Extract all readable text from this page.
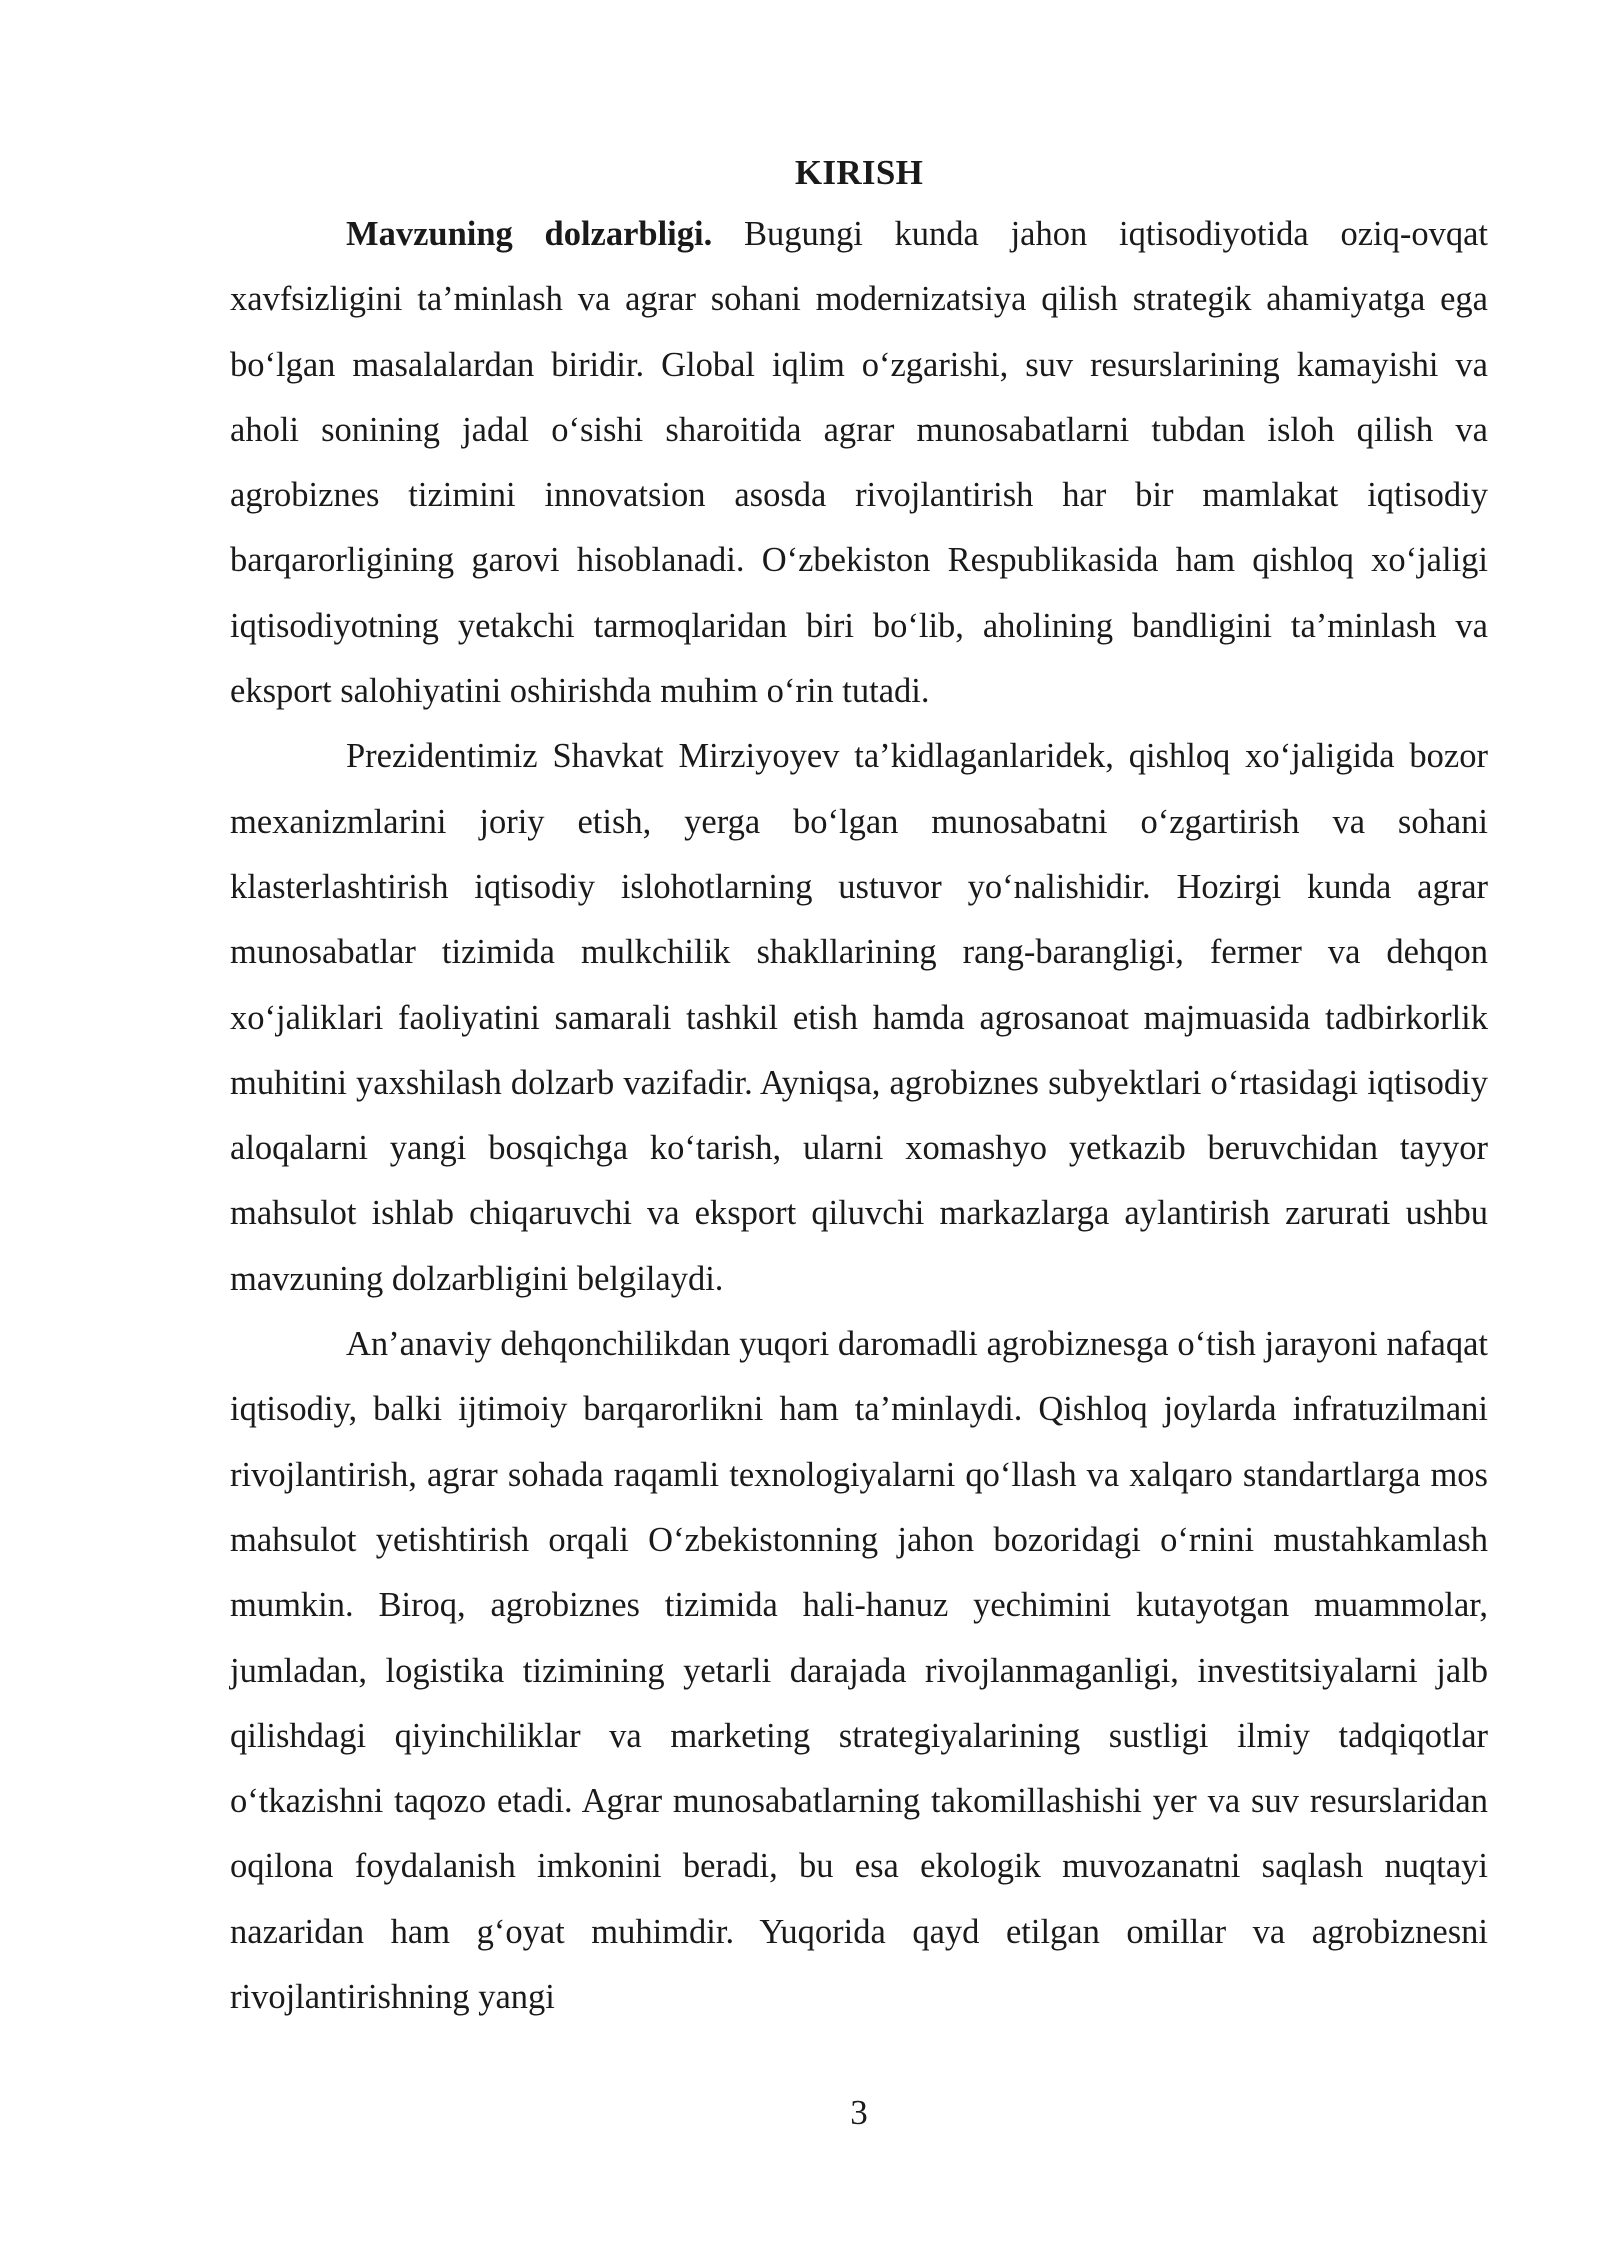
KIRISH

Mavzuning dolzarbligi. Bugungi kunda jahon iqtisodiyotida oziq-ovqat xavfsizligini ta’minlash va agrar sohani modernizatsiya qilish strategik ahamiyatga ega boʻlgan masalalardan biridir. Global iqlim oʻzgarishi, suv resurslarining kamayishi va aholi sonining jadal oʻsishi sharoitida agrar munosabatlarni tubdan isloh qilish va agrobiznes tizimini innovatsion asosda rivojlantirish har bir mamlakat iqtisodiy barqarorligining garovi hisoblanadi. Oʻzbekiston Respublikasida ham qishloq xoʻjaligi iqtisodiyotning yetakchi tarmoqlaridan biri boʻlib, aholining bandligini ta’minlash va eksport salohiyatini oshirishda muhim oʻrin tutadi.

Prezidentimiz Shavkat Mirziyoyev ta’kidlaganlaridek, qishloq xoʻjaligida bozor mexanizmlarini joriy etish, yerga boʻlgan munosabatni oʻzgartirish va sohani klasterlashtirish iqtisodiy islohotlarning ustuvor yoʻnalishidir. Hozirgi kunda agrar munosabatlar tizimida mulkchilik shakllarining rang-barangligi, fermer va dehqon xoʻjaliklari faoliyatini samarali tashkil etish hamda agrosanoat majmuasida tadbirkorlik muhitini yaxshilash dolzarb vazifadir. Ayniqsa, agrobiznes subyektlari oʻrtasidagi iqtisodiy aloqalarni yangi bosqichga koʻtarish, ularni xomashyo yetkazib beruvchidan tayyor mahsulot ishlab chiqaruvchi va eksport qiluvchi markazlarga aylantirish zarurati ushbu mavzuning dolzarbligini belgilaydi.

An’anaviy dehqonchilikdan yuqori daromadli agrobiznesga oʻtish jarayoni nafaqat iqtisodiy, balki ijtimoiy barqarorlikni ham ta’minlaydi. Qishloq joylarda infratuzilmani rivojlantirish, agrar sohada raqamli texnologiyalarni qoʻllash va xalqaro standartlarga mos mahsulot yetishtirish orqali Oʻzbekistonning jahon bozoridagi oʻrnini mustahkamlash mumkin. Biroq, agrobiznes tizimida hali-hanuz yechimini kutayotgan muammolar, jumladan, logistika tizimining yetarli darajada rivojlanmaganligi, investitsiyalarni jalb qilishdagi qiyinchiliklar va marketing strategiyalarining sustligi ilmiy tadqiqotlar oʻtkazishni taqozo etadi. Agrar munosabatlarning takomillashishi yer va suv resurslaridan oqilona foydalanish imkonini beradi, bu esa ekologik muvozanatni saqlash nuqtayi nazaridan ham gʻoyat muhimdir. Yuqorida qayd etilgan omillar va agrobiznesni rivojlantirishning yangi

3
